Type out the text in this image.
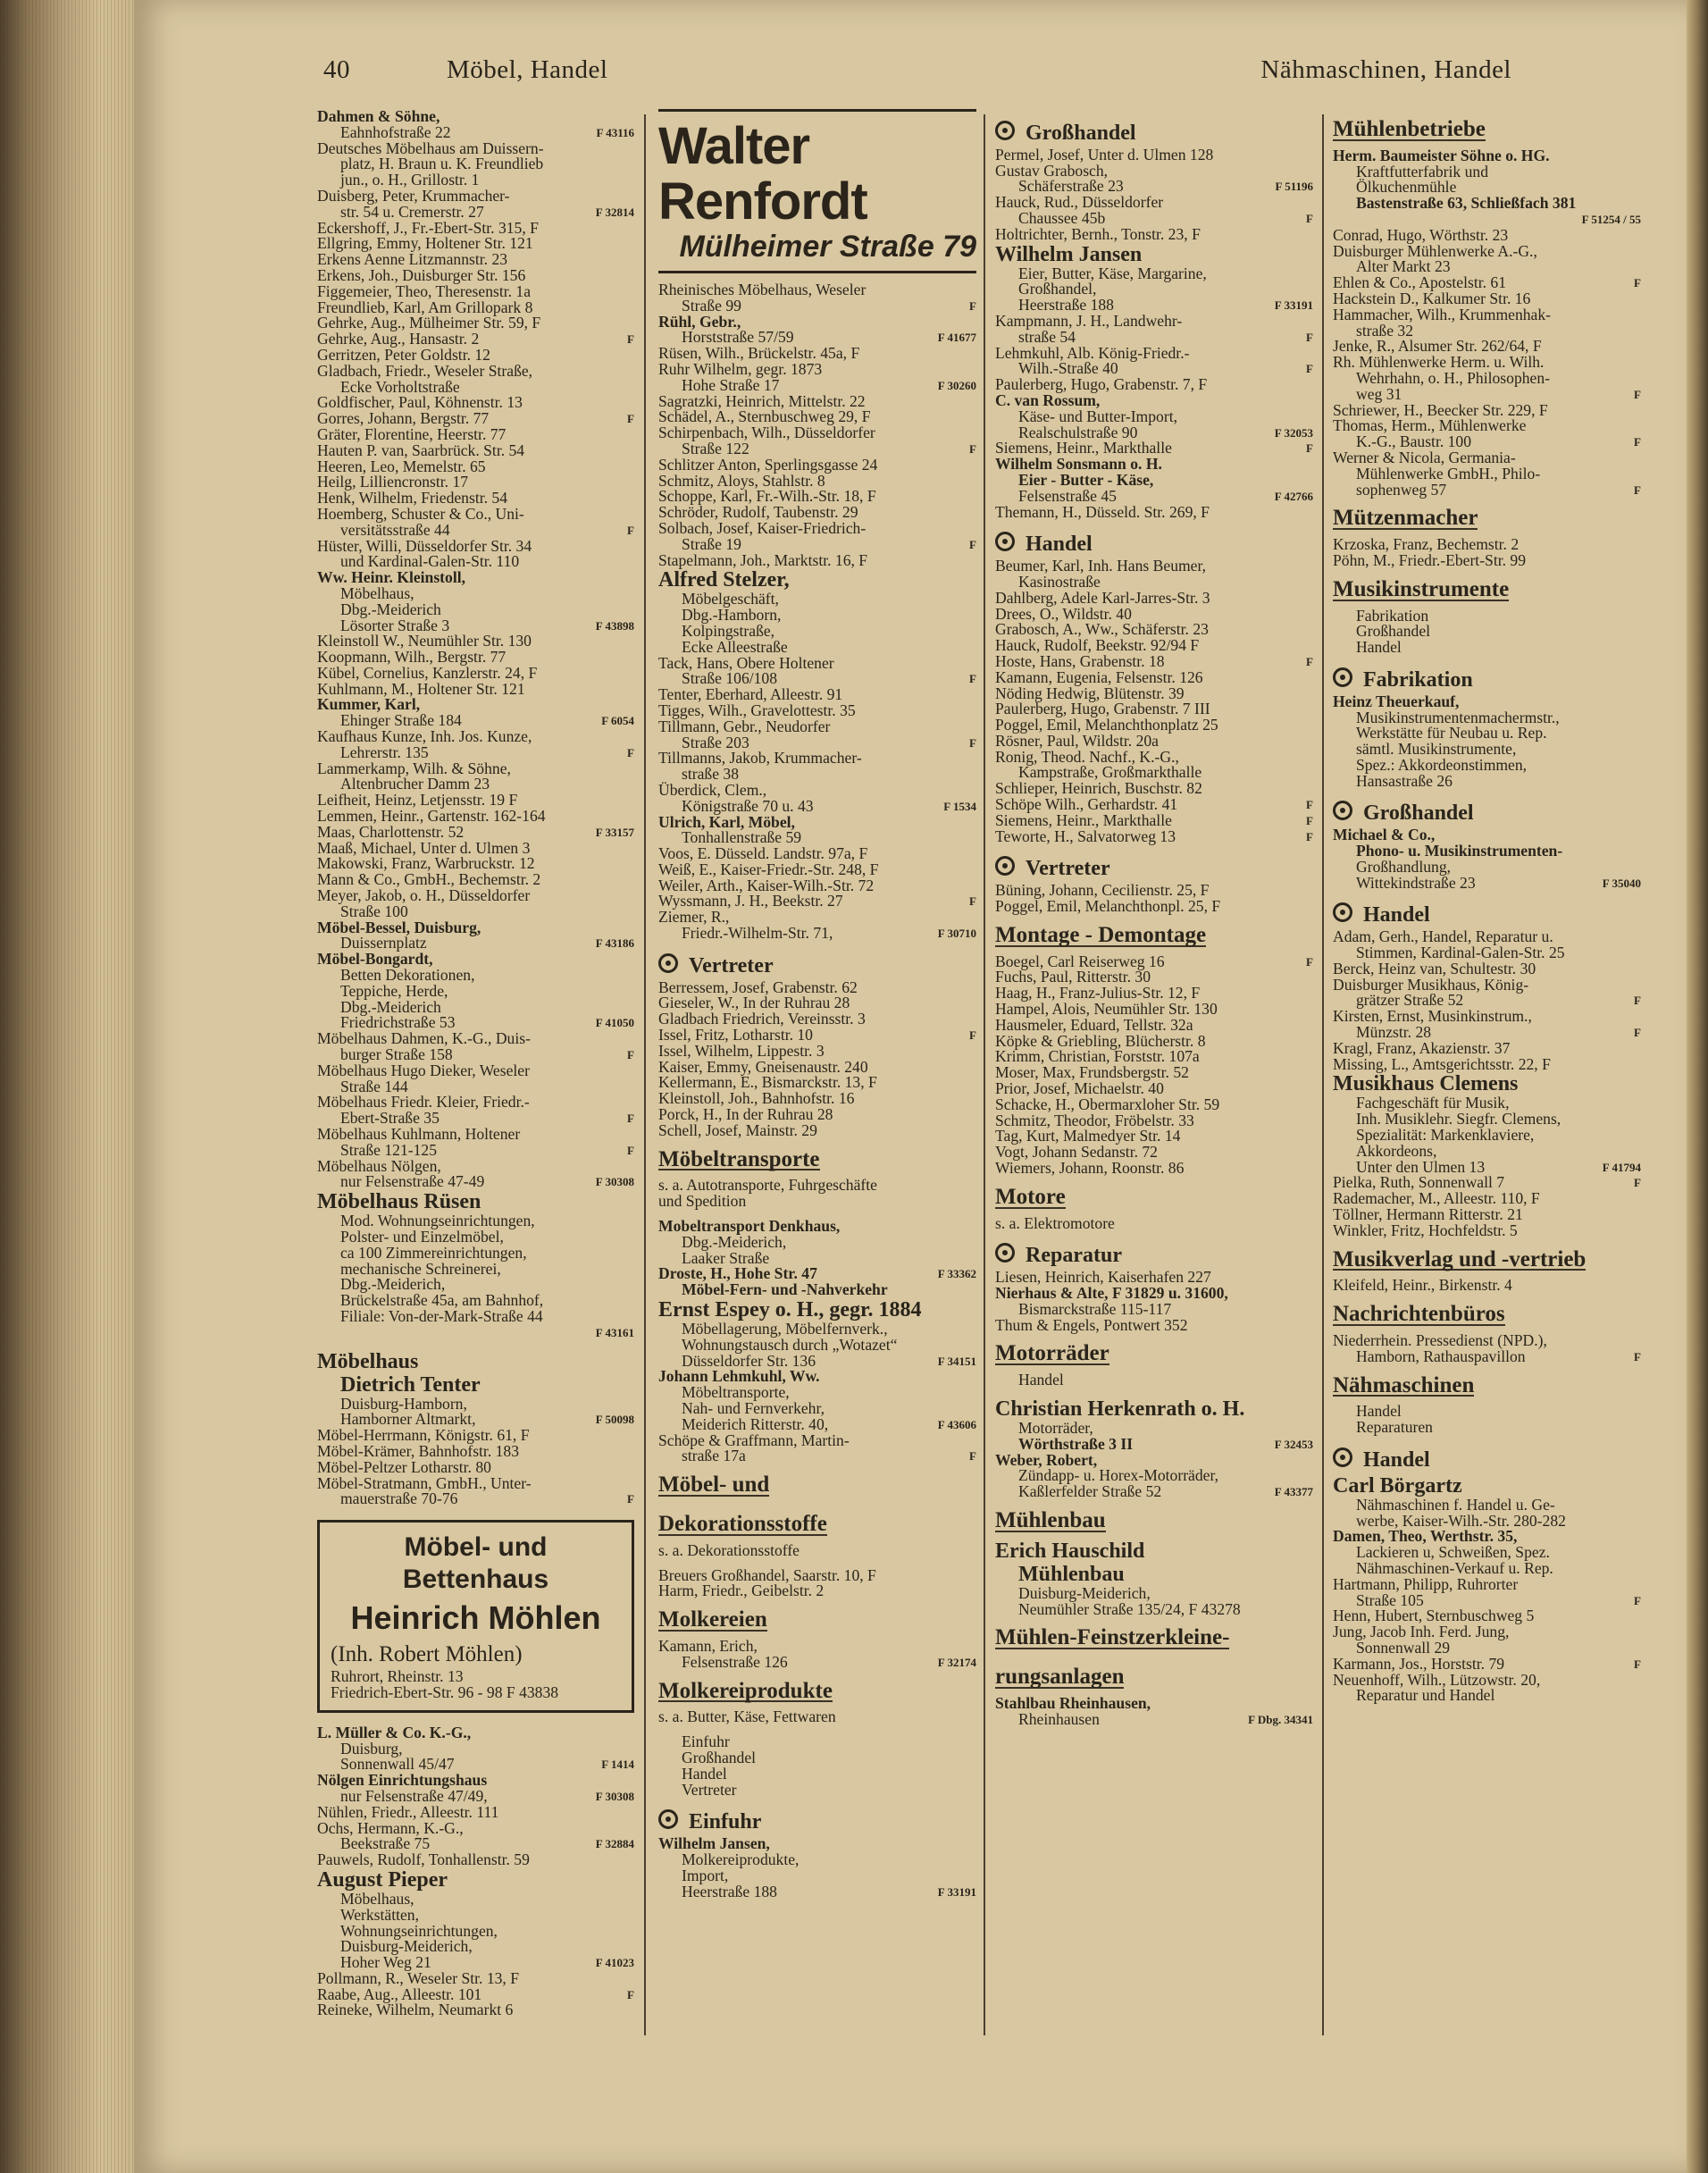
40	Möbel, Handel	Nähmaschinen, Handel
Dahmen & Söhne,
Eahnhofstraße 22	F 43116
Deutsches Möbelhaus am Duissern-
platz, H. Braun u. K. Freundlieb
jun., o. H., Grillostr. 1
Duisberg, Peter, Krummacher-
str. 54 u. Cremerstr. 27	F 32814
Eckershoff, J., Fr.-Ebert-Str. 315, F
Ellgring, Emmy, Holtener Str. 121
Erkens Aenne Litzmannstr. 23
Erkens, Joh., Duisburger Str. 156
Figgemeier, Theo, Theresenstr. 1a
Freundlieb, Karl, Am Grillopark 8
Gehrke, Aug., Mülheimer Str. 59, F
Gehrke, Aug., Hansastr. 2	F
Gerritzen, Peter Goldstr. 12
Gladbach, Friedr., Weseler Straße,
Ecke Vorholtstraße
Goldfischer, Paul, Köhnenstr. 13
Gorres, Johann, Bergstr. 77	F
Gräter, Florentine, Heerstr. 77
Hauten P. van, Saarbrück. Str. 54
Heeren, Leo, Memelstr. 65
Heilg, Lilliencronstr. 17
Henk, Wilhelm, Friedenstr. 54
Hoemberg, Schuster & Co., Uni-
versitätsstraße 44	F
Hüster, Willi, Düsseldorfer Str. 34
und Kardinal-Galen-Str. 110
Ww. Heinr. Kleinstoll,
Möbelhaus,
Dbg.-Meiderich
Lösorter Straße 3	F 43898
Kleinstoll W., Neumühler Str. 130
Koopmann, Wilh., Bergstr. 77
Kübel, Cornelius, Kanzlerstr. 24, F
Kuhlmann, M., Holtener Str. 121
Kummer, Karl,
Ehinger Straße 184	F 6054
Kaufhaus Kunze, Inh. Jos. Kunze,
Lehrerstr. 135	F
Lammerkamp, Wilh. & Söhne,
Altenbrucher Damm 23
Leifheit, Heinz, Letjensstr. 19 F
Lemmen, Heinr., Gartenstr. 162-164
Maas, Charlottenstr. 52	F 33157
Maaß, Michael, Unter d. Ulmen 3
Makowski, Franz, Warbruckstr. 12
Mann & Co., GmbH., Bechemstr. 2
Meyer, Jakob, o. H., Düsseldorfer
Straße 100
Möbel-Bessel, Duisburg,
Duissernplatz	F 43186
Möbel-Bongardt,
Betten Dekorationen,
Teppiche, Herde,
Dbg.-Meiderich
Friedrichstraße 53	F 41050
Möbelhaus Dahmen, K.-G., Duis-
burger Straße 158	F
Möbelhaus Hugo Dieker, Weseler
Straße 144
Möbelhaus Friedr. Kleier, Friedr.-
Ebert-Straße 35	F
Möbelhaus Kuhlmann, Holtener
Straße 121-125	F
Möbelhaus Nölgen,
nur Felsenstraße 47-49	F 30308
Möbelhaus Rüsen
Mod. Wohnungseinrichtungen,
Polster- und Einzelmöbel,
ca 100 Zimmereinrichtungen,
mechanische Schreinerei,
Dbg.-Meiderich,
Brückelstraße 45a, am Bahnhof,
Filiale: Von-der-Mark-Straße 44
F 43161
Möbelhaus
Dietrich Tenter
Duisburg-Hamborn,
Hamborner Altmarkt,	F 50098
Möbel-Herrmann, Königstr. 61, F
Möbel-Krämer, Bahnhofstr. 183
Möbel-Peltzer Lotharstr. 80
Möbel-Stratmann, GmbH., Unter-
mauerstraße 70-76	F
Möbel- und Bettenhaus
Heinrich Möhlen
(Inh. Robert Möhlen)
Ruhrort, Rheinstr. 13
Friedrich-Ebert-Str. 96 - 98 F 43838
L. Müller & Co. K.-G.,
Duisburg,
Sonnenwall 45/47	F 1414
Nölgen Einrichtungshaus
nur Felsenstraße 47/49,	F 30308
Nühlen, Friedr., Alleestr. 111
Ochs, Hermann, K.-G.,
Beekstraße 75	F 32884
Pauwels, Rudolf, Tonhallenstr. 59
August Pieper
Möbelhaus,
Werkstätten,
Wohnungseinrichtungen,
Duisburg-Meiderich,
Hoher Weg 21	F 41023
Pollmann, R., Weseler Str. 13, F
Raabe, Aug., Alleestr. 101	F
Reineke, Wilhelm, Neumarkt 6
Walter Renfordt
Mülheimer Straße 79
Rheinisches Möbelhaus, Weseler
Straße 99	F
Rühl, Gebr.,
Horststraße 57/59	F 41677
Rüsen, Wilh., Brückelstr. 45a, F
Ruhr Wilhelm, gegr. 1873
Hohe Straße 17	F 30260
Sagratzki, Heinrich, Mittelstr. 22
Schädel, A., Sternbuschweg 29, F
Schirpenbach, Wilh., Düsseldorfer
Straße 122	F
Schlitzer Anton, Sperlingsgasse 24
Schmitz, Aloys, Stahlstr. 8
Schoppe, Karl, Fr.-Wilh.-Str. 18, F
Schröder, Rudolf, Taubenstr. 29
Solbach, Josef, Kaiser-Friedrich-
Straße 19	F
Stapelmann, Joh., Marktstr. 16, F
Alfred Stelzer,
Möbelgeschäft,
Dbg.-Hamborn,
Kolpingstraße,
Ecke Alleestraße
Tack, Hans, Obere Holtener
Straße 106/108	F
Tenter, Eberhard, Alleestr. 91
Tigges, Wilh., Gravelottestr. 35
Tillmann, Gebr., Neudorfer
Straße 203	F
Tillmanns, Jakob, Krummacher-
straße 38
Überdick, Clem.,
Königstraße 70 u. 43	F 1534
Ulrich, Karl, Möbel,
Tonhallenstraße 59
Voos, E. Düsseld. Landstr. 97a, F
Weiß, E., Kaiser-Friedr.-Str. 248, F
Weiler, Arth., Kaiser-Wilh.-Str. 72
Wyssmann, J. H., Beekstr. 27	F
Ziemer, R.,
Friedr.-Wilhelm-Str. 71,	F 30710
Vertreter
Berressem, Josef, Grabenstr. 62
Gieseler, W., In der Ruhrau 28
Gladbach Friedrich, Vereinsstr. 3
Issel, Fritz, Lotharstr. 10	F
Issel, Wilhelm, Lippestr. 3
Kaiser, Emmy, Gneisenaustr. 240
Kellermann, E., Bismarckstr. 13, F
Kleinstoll, Joh., Bahnhofstr. 16
Porck, H., In der Ruhrau 28
Schell, Josef, Mainstr. 29
Möbeltransporte
s. a. Autotransporte, Fuhrgeschäfte
und Spedition
Mobeltransport Denkhaus,
Dbg.-Meiderich,
Laaker Straße
Droste, H., Hohe Str. 47	F 33362
Möbel-Fern- und -Nahverkehr
Ernst Espey o. H., gegr. 1884
Möbellagerung, Möbelfernverk.,
Wohnungstausch durch „Wotazet“
Düsseldorfer Str. 136	F 34151
Johann Lehmkuhl, Ww.
Möbeltransporte,
Nah- und Fernverkehr,
Meiderich Ritterstr. 40,	F 43606
Schöpe & Graffmann, Martin-
straße 17a	F
Möbel- und
Dekorationsstoffe
s. a. Dekorationsstoffe
Breuers Großhandel, Saarstr. 10, F
Harm, Friedr., Geibelstr. 2
Molkereien
Kamann, Erich,
Felsenstraße 126	F 32174
Molkereiprodukte
s. a. Butter, Käse, Fettwaren
Einfuhr
Großhandel
Handel
Vertreter
Einfuhr
Wilhelm Jansen,
Molkereiprodukte,
Import,
Heerstraße 188	F 33191
Großhandel
Permel, Josef, Unter d. Ulmen 128
Gustav Grabosch,
Schäferstraße 23	F 51196
Hauck, Rud., Düsseldorfer
Chaussee 45b	F
Holtrichter, Bernh., Tonstr. 23, F
Wilhelm Jansen
Eier, Butter, Käse, Margarine,
Großhandel,
Heerstraße 188	F 33191
Kampmann, J. H., Landwehr-
straße 54	F
Lehmkuhl, Alb. König-Friedr.-
Wilh.-Straße 40	F
Paulerberg, Hugo, Grabenstr. 7, F
C. van Rossum,
Käse- und Butter-Import,
Realschulstraße 90	F 32053
Siemens, Heinr., Markthalle	F
Wilhelm Sonsmann o. H.
Eier - Butter - Käse,
Felsenstraße 45	F 42766
Themann, H., Düsseld. Str. 269, F
Handel
Beumer, Karl, Inh. Hans Beumer,
Kasinostraße
Dahlberg, Adele Karl-Jarres-Str. 3
Drees, O., Wildstr. 40
Grabosch, A., Ww., Schäferstr. 23
Hauck, Rudolf, Beekstr. 92/94 F
Hoste, Hans, Grabenstr. 18	F
Kamann, Eugenia, Felsenstr. 126
Nöding Hedwig, Blütenstr. 39
Paulerberg, Hugo, Grabenstr. 7 III
Poggel, Emil, Melanchthonplatz 25
Rösner, Paul, Wildstr. 20a
Ronig, Theod. Nachf., K.-G.,
Kampstraße, Großmarkthalle
Schlieper, Heinrich, Buschstr. 82
Schöpe Wilh., Gerhardstr. 41	F
Siemens, Heinr., Markthalle	F
Teworte, H., Salvatorweg 13	F
Vertreter
Büning, Johann, Cecilienstr. 25, F
Poggel, Emil, Melanchthonpl. 25, F
Montage - Demontage
Boegel, Carl Reiserweg 16	F
Fuchs, Paul, Ritterstr. 30
Haag, H., Franz-Julius-Str. 12, F
Hampel, Alois, Neumühler Str. 130
Hausmeler, Eduard, Tellstr. 32a
Köpke & Griebling, Blücherstr. 8
Krimm, Christian, Forststr. 107a
Moser, Max, Frundsbergstr. 52
Prior, Josef, Michaelstr. 40
Schacke, H., Obermarxloher Str. 59
Schmitz, Theodor, Fröbelstr. 33
Tag, Kurt, Malmedyer Str. 14
Vogt, Johann Sedanstr. 72
Wiemers, Johann, Roonstr. 86
Motore
s. a. Elektromotore
Reparatur
Liesen, Heinrich, Kaiserhafen 227
Nierhaus & Alte, F 31829 u. 31600,
Bismarckstraße 115-117
Thum & Engels, Pontwert 352
Motorräder
Handel
Christian Herkenrath o. H.
Motorräder,
Wörthstraße 3 II	F 32453
Weber, Robert,
Zündapp- u. Horex-Motorräder,
Kaßlerfelder Straße 52	F 43377
Mühlenbau
Erich Hauschild
Mühlenbau
Duisburg-Meiderich,
Neumühler Straße 135/24, F 43278
Mühlen-Feinstzerkleine-
rungsanlagen
Stahlbau Rheinhausen,
Rheinhausen	F Dbg. 34341
Mühlenbetriebe
Herm. Baumeister Söhne o. HG.
Kraftfutterfabrik und
Ölkuchenmühle
Bastenstraße 63, Schließfach 381
F 51254 / 55
Conrad, Hugo, Wörthstr. 23
Duisburger Mühlenwerke A.-G.,
Alter Markt 23
Ehlen & Co., Apostelstr. 61	F
Hackstein D., Kalkumer Str. 16
Hammacher, Wilh., Krummenhak-
straße 32
Jenke, R., Alsumer Str. 262/64, F
Rh. Mühlenwerke Herm. u. Wilh.
Wehrhahn, o. H., Philosophen-
weg 31	F
Schriewer, H., Beecker Str. 229, F
Thomas, Herm., Mühlenwerke
K.-G., Baustr. 100	F
Werner & Nicola, Germania-
Mühlenwerke GmbH., Philo-
sophenweg 57	F
Mützenmacher
Krzoska, Franz, Bechemstr. 2
Pöhn, M., Friedr.-Ebert-Str. 99
Musikinstrumente
Fabrikation
Großhandel
Handel
Fabrikation
Heinz Theuerkauf,
Musikinstrumentenmachermstr.,
Werkstätte für Neubau u. Rep.
sämtl. Musikinstrumente,
Spez.: Akkordeonstimmen,
Hansastraße 26
Großhandel
Michael & Co.,
Phono- u. Musikinstrumenten-
Großhandlung,
Wittekindstraße 23	F 35040
Handel
Adam, Gerh., Handel, Reparatur u.
Stimmen, Kardinal-Galen-Str. 25
Berck, Heinz van, Schultestr. 30
Duisburger Musikhaus, König-
grätzer Straße 52	F
Kirsten, Ernst, Musinkinstrum.,
Münzstr. 28	F
Kragl, Franz, Akazienstr. 37
Missing, L., Amtsgerichtsstr. 22, F
Musikhaus Clemens
Fachgeschäft für Musik,
Inh. Musiklehr. Siegfr. Clemens,
Spezialität: Markenklaviere,
Akkordeons,
Unter den Ulmen 13	F 41794
Pielka, Ruth, Sonnenwall 7	F
Rademacher, M., Alleestr. 110, F
Töllner, Hermann Ritterstr. 21
Winkler, Fritz, Hochfeldstr. 5
Musikverlag und -vertrieb
Kleifeld, Heinr., Birkenstr. 4
Nachrichtenbüros
Niederrhein. Pressedienst (NPD.),
Hamborn, Rathauspavillon	F
Nähmaschinen
Handel
Reparaturen
Handel
Carl Börgartz
Nähmaschinen f. Handel u. Ge-
werbe, Kaiser-Wilh.-Str. 280-282
Damen, Theo, Werthstr. 35,
Lackieren u, Schweißen, Spez.
Nähmaschinen-Verkauf u. Rep.
Hartmann, Philipp, Ruhrorter
Straße 105	F
Henn, Hubert, Sternbuschweg 5
Jung, Jacob Inh. Ferd. Jung,
Sonnenwall 29
Karmann, Jos., Horststr. 79	F
Neuenhoff, Wilh., Lützowstr. 20,
Reparatur und Handel
